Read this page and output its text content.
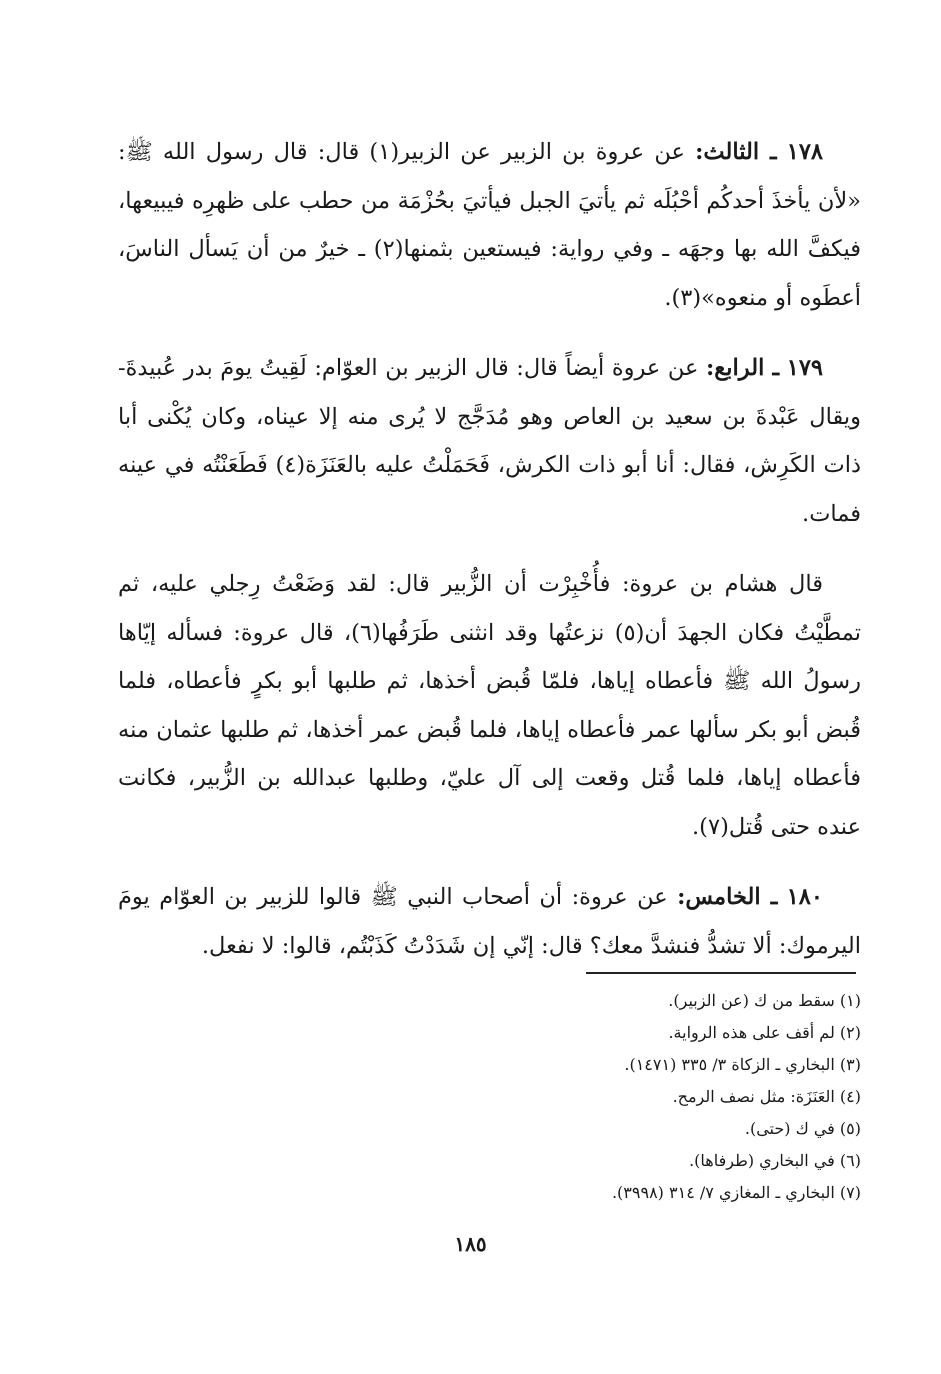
١٧٨ ـ الثالث: عن عروة بن الزبير عن الزبير(١) قال: قال رسول الله ﷺ: «لأن يأخذَ أحدكُم أحْبُلَه ثم يأتيَ الجبل فيأتيَ بحُزْمَة من حطب على ظهرِه فيبيعها، فيكفَّ الله بها وجهَه ـ وفي رواية: فيستعين بثمنها(٢) ـ خيرٌ من أن يَسأل الناسَ، أعطَوه أو منعوه»(٣).

١٧٩ ـ الرابع: عن عروة أيضاً قال: قال الزبير بن العوّام: لَقِيتُ يومَ بدر عُبيدةَ- ويقال عَبْدةَ بن سعيد بن العاص وهو مُدَجَّج لا يُرى منه إلا عيناه، وكان يُكْنى أبا ذات الكَرِش، فقال: أنا أبو ذات الكرش، فَحَمَلْتُ عليه بالعَنَزَة(٤) فَطَعَنْتُه في عينه فمات.

قال هشام بن عروة: فأُخْبِرْت أن الزُّبير قال: لقد وَضَعْتُ رِجلي عليه، ثم تمطَّيْتُ فكان الجهدَ أن(٥) نزعتُها وقد انثنى طَرَفُها(٦)، قال عروة: فسأله إيّاها رسولُ الله ﷺ فأعطاه إياها، فلمّا قُبض أخذها، ثم طلبها أبو بكرٍ فأعطاه، فلما قُبض أبو بكر سألها عمر فأعطاه إياها، فلما قُبض عمر أخذها، ثم طلبها عثمان منه فأعطاه إياها، فلما قُتل وقعت إلى آل عليّ، وطلبها عبدالله بن الزُّبير، فكانت عنده حتى قُتل(٧).

١٨٠ ـ الخامس: عن عروة: أن أصحاب النبي ﷺ قالوا للزبير بن العوّام يومَ اليرموك: ألا تشدُّ فنشدَّ معك؟ قال: إنّي إن شَدَدْتُ كَذَبْتُم، قالوا: لا نفعل.

(١) سقط من ك (عن الزبير).

(٢) لم أقف على هذه الرواية.

(٣) البخاري ـ الزكاة ٣/ ٣٣٥ (١٤٧١).

(٤) العَنَزَة: مثل نصف الرمح.

(٥) في ك (حتى).

(٦) في البخاري (طرفاها).

(٧) البخاري ـ المغازي ٧/ ٣١٤ (٣٩٩٨).

١٨٥
